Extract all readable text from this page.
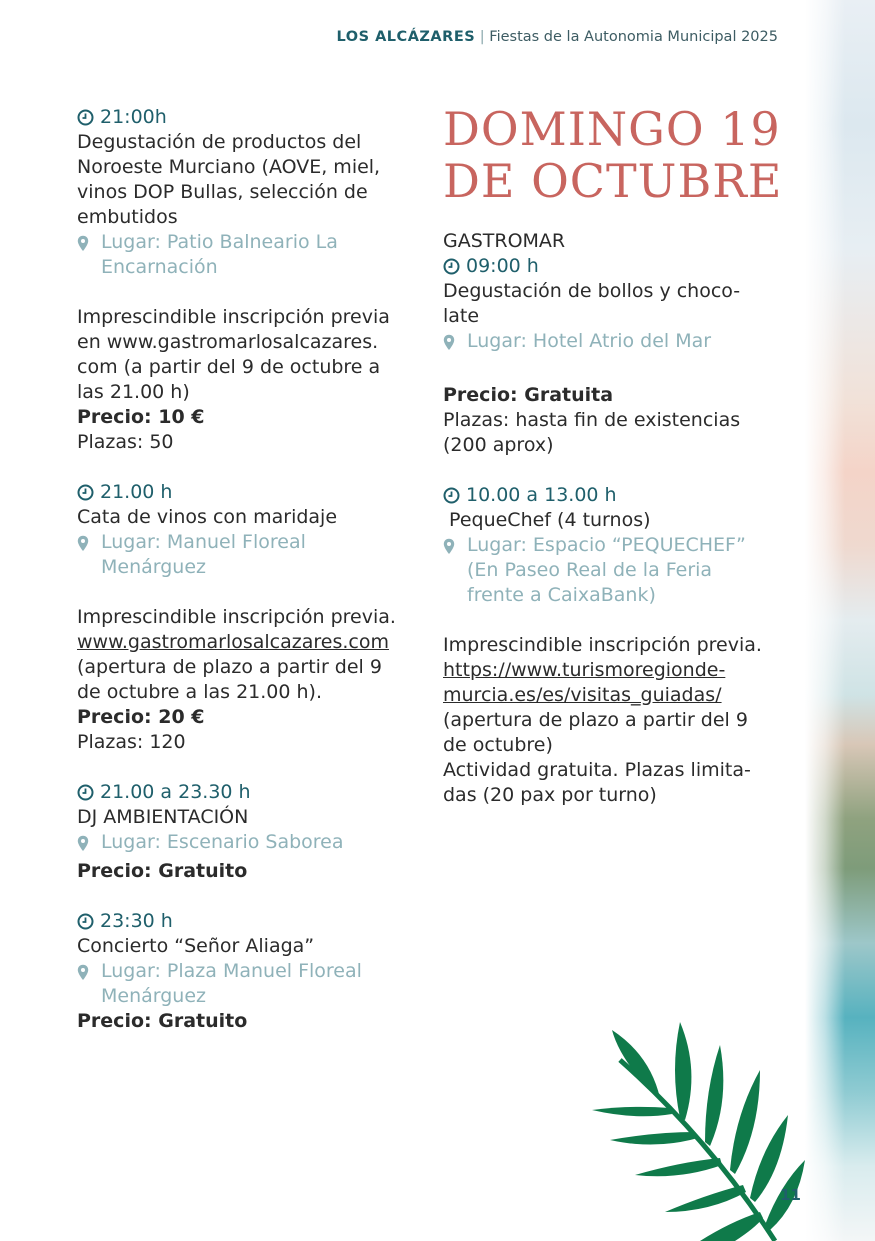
LOS ALCÁZARES | Fiestas de la Autonomia Municipal 2025
21:00h
Degustación de productos del
Noroeste Murciano (AOVE, miel,
vinos DOP Bullas, selección de
embutidos
Lugar: Patio Balneario La
Encarnación
Imprescindible inscripción previa
en www.gastromarlosalcazares.
com (a partir del 9 de octubre a
las 21.00 h)
Precio: 10 €
Plazas: 50
21.00 h
Cata de vinos con maridaje
Lugar: Manuel Floreal
Menárguez
Imprescindible inscripción previa.
www.gastromarlosalcazares.com
(apertura de plazo a partir del 9
de octubre a las 21.00 h).
Precio: 20 €
Plazas: 120
21.00 a 23.30 h
DJ AMBIENTACIÓN
Lugar: Escenario Saborea
Precio: Gratuito
23:30 h
Concierto “Señor Aliaga”
Lugar: Plaza Manuel Floreal
Menárguez
Precio: Gratuito
DOMINGO 19
DE OCTUBRE
GASTROMAR
09:00 h
Degustación de bollos y choco-
late
Lugar: Hotel Atrio del Mar
Precio: Gratuita
Plazas: hasta fin de existencias
(200 aprox)
10.00 a 13.00 h
PequeChef (4 turnos)
Lugar: Espacio “PEQUECHEF”
(En Paseo Real de la Feria
frente a CaixaBank)
Imprescindible inscripción previa.
https://www.turismoregionde-
murcia.es/es/visitas_guiadas/
(apertura de plazo a partir del 9
de octubre)
Actividad gratuita. Plazas limita-
das (20 pax por turno)
11
